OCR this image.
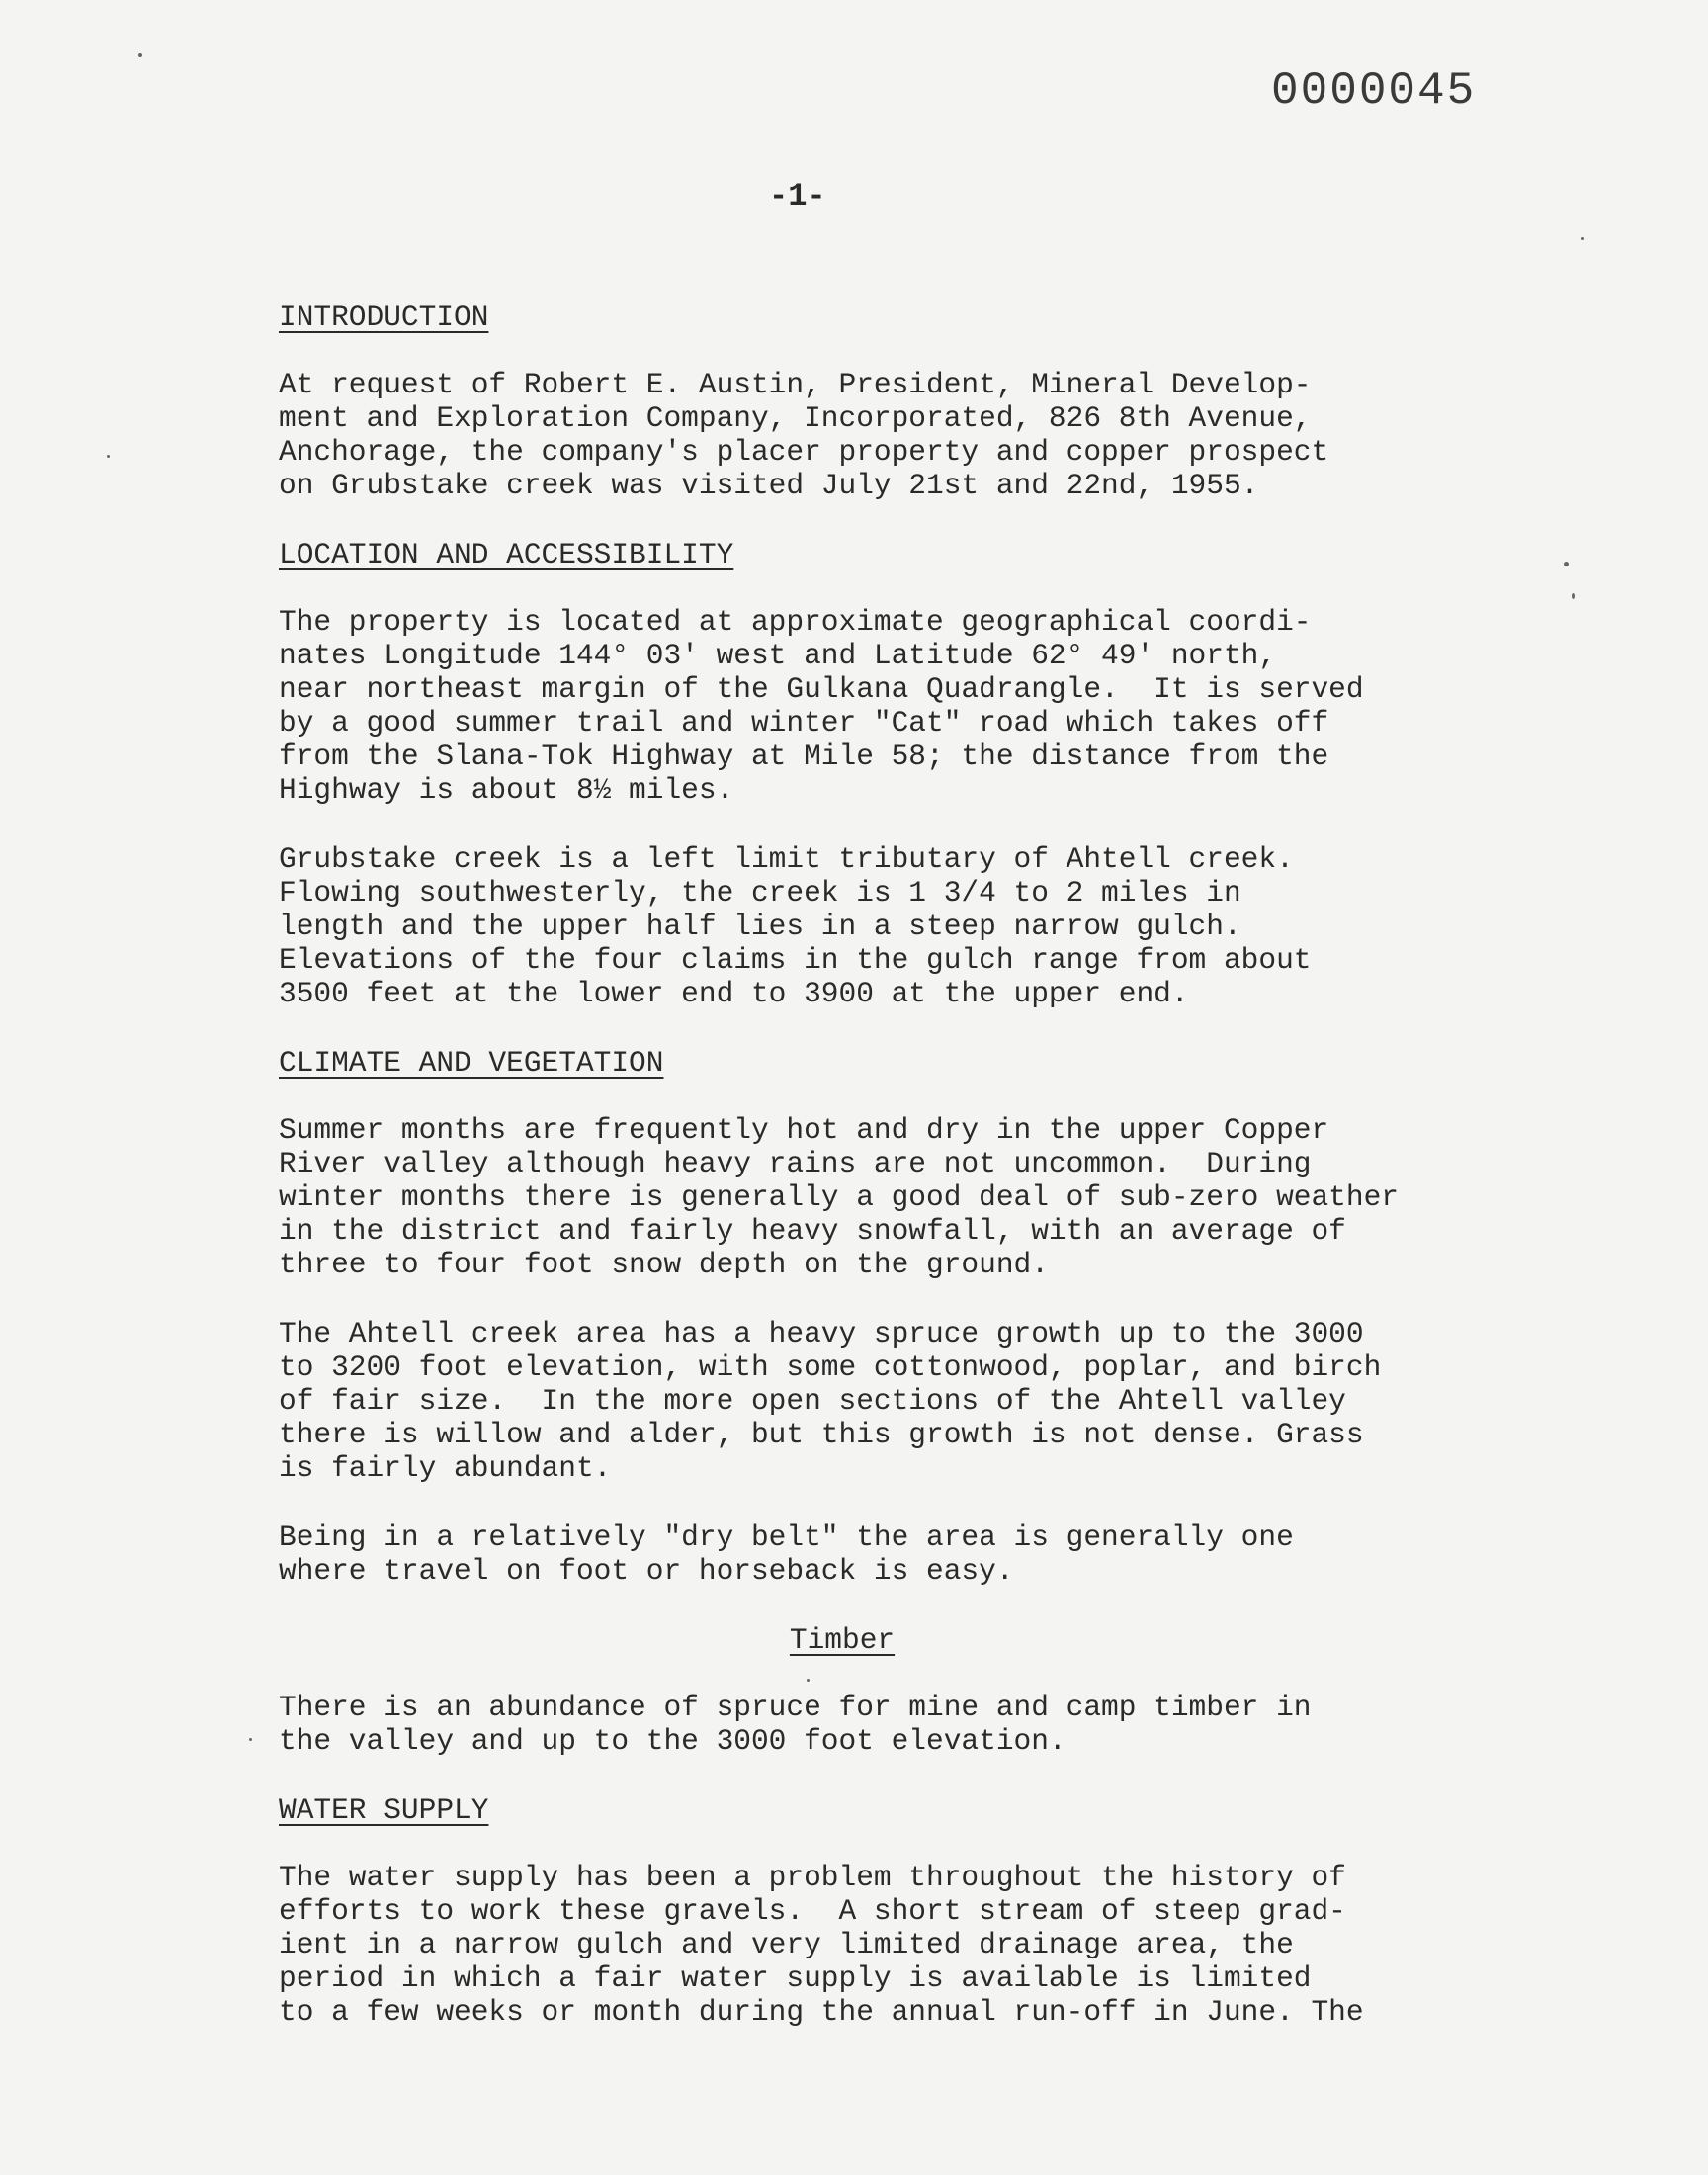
0000045
-1-
INTRODUCTION

At request of Robert E. Austin, President, Mineral Develop-

ment and Exploration Company, Incorporated, 826 8th Avenue,

Anchorage, the company's placer property and copper prospect

on Grubstake creek was visited July 21st and 22nd, 1955.

LOCATION AND ACCESSIBILITY

The property is located at approximate geographical coordi-

nates Longitude 144° 03' west and Latitude 62° 49' north,

near northeast margin of the Gulkana Quadrangle.  It is served

by a good summer trail and winter "Cat" road which takes off

from the Slana-Tok Highway at Mile 58; the distance from the

Highway is about 8½ miles.

Grubstake creek is a left limit tributary of Ahtell creek.

Flowing southwesterly, the creek is 1 3/4 to 2 miles in

length and the upper half lies in a steep narrow gulch.

Elevations of the four claims in the gulch range from about

3500 feet at the lower end to 3900 at the upper end.

CLIMATE AND VEGETATION

Summer months are frequently hot and dry in the upper Copper

River valley although heavy rains are not uncommon.  During

winter months there is generally a good deal of sub-zero weather

in the district and fairly heavy snowfall, with an average of

three to four foot snow depth on the ground.

The Ahtell creek area has a heavy spruce growth up to the 3000

to 3200 foot elevation, with some cottonwood, poplar, and birch

of fair size.  In the more open sections of the Ahtell valley

there is willow and alder, but this growth is not dense. Grass

is fairly abundant.

Being in a relatively "dry belt" the area is generally one

where travel on foot or horseback is easy.

Timber

There is an abundance of spruce for mine and camp timber in

the valley and up to the 3000 foot elevation.

WATER SUPPLY

The water supply has been a problem throughout the history of

efforts to work these gravels.  A short stream of steep grad-

ient in a narrow gulch and very limited drainage area, the

period in which a fair water supply is available is limited

to a few weeks or month during the annual run-off in June. The
